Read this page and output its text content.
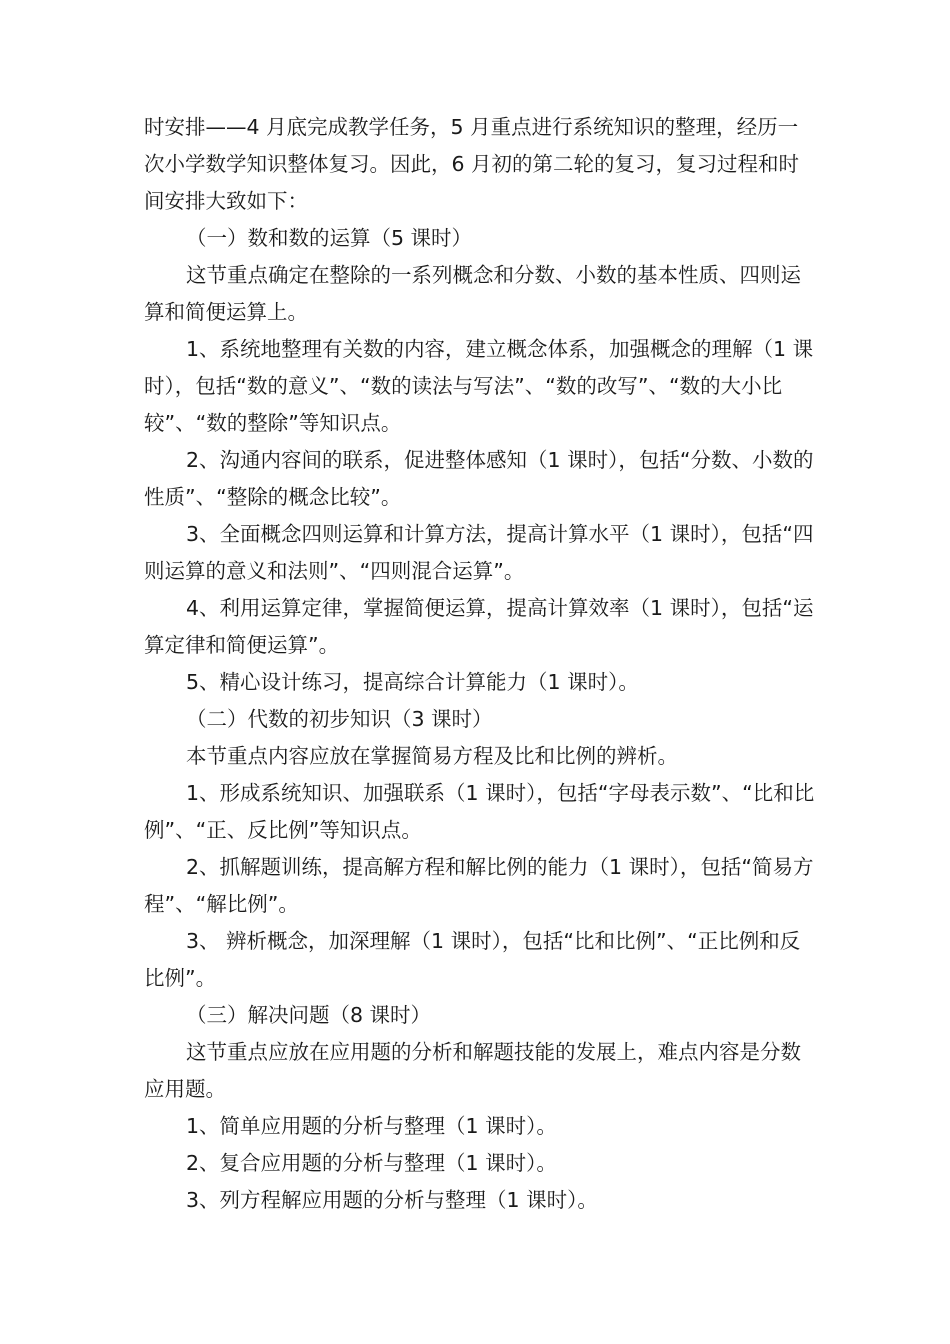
时安排——4 月底完成教学任务，5 月重点进行系统知识的整理，经历一次小学数学知识整体复习。因此，6 月初的第二轮的复习，复习过程和时间安排大致如下：

（一）数和数的运算（5 课时）

这节重点确定在整除的一系列概念和分数、小数的基本性质、四则运算和简便运算上。

1、系统地整理有关数的内容，建立概念体系，加强概念的理解（1 课时），包括“数的意义”、“数的读法与写法”、“数的改写”、“数的大小比较”、“数的整除”等知识点。

2、沟通内容间的联系，促进整体感知（1 课时），包括“分数、小数的性质”、“整除的概念比较”。

3、全面概念四则运算和计算方法，提高计算水平（1 课时），包括“四则运算的意义和法则”、“四则混合运算”。

4、利用运算定律，掌握简便运算，提高计算效率（1 课时），包括“运算定律和简便运算”。

5、精心设计练习，提高综合计算能力（1 课时）。

（二）代数的初步知识（3 课时）

本节重点内容应放在掌握简易方程及比和比例的辨析。

1、形成系统知识、加强联系（1 课时），包括“字母表示数”、“比和比例”、“正、反比例”等知识点。

2、抓解题训练，提高解方程和解比例的能力（1 课时），包括“简易方程”、“解比例”。

3、 辨析概念，加深理解（1 课时），包括“比和比例”、“正比例和反比例”。

（三）解决问题（8 课时）

这节重点应放在应用题的分析和解题技能的发展上，难点内容是分数应用题。

1、简单应用题的分析与整理（1 课时）。

2、复合应用题的分析与整理（1 课时）。

3、列方程解应用题的分析与整理（1 课时）。
